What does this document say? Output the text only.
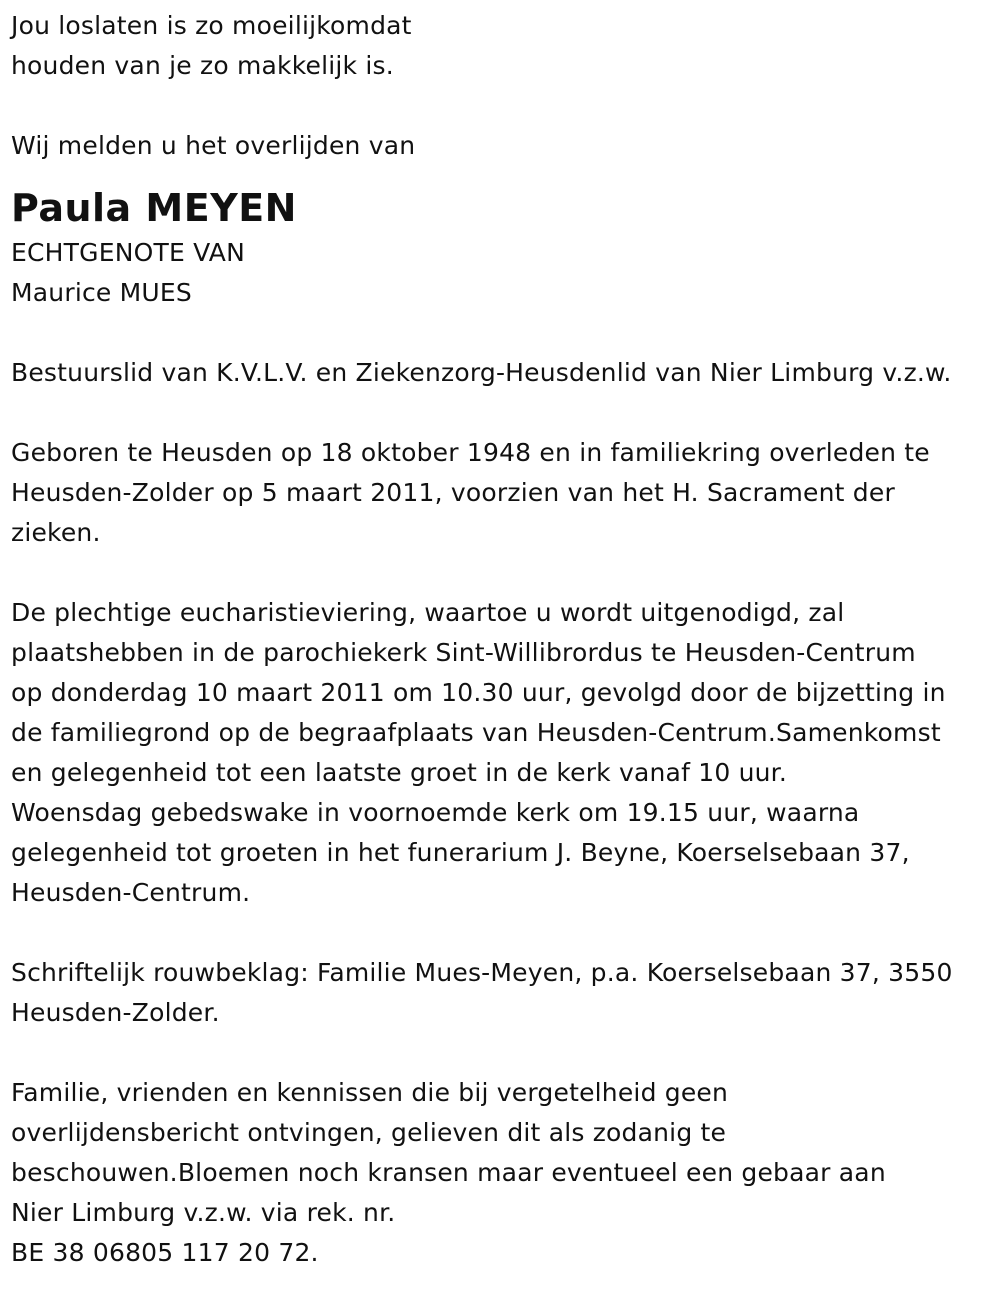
Jou loslaten is zo moeilijkomdat
houden van je zo makkelijk is.
Wij melden u het overlijden van
Paula MEYEN
ECHTGENOTE VAN
Maurice MUES
Bestuurslid van K.V.L.V. en Ziekenzorg-Heusdenlid van Nier Limburg v.z.w.
Geboren te Heusden op 18 oktober 1948 en in familiekring overleden te
Heusden-Zolder op 5 maart 2011, voorzien van het H. Sacrament der
zieken.
De plechtige eucharistieviering, waartoe u wordt uitgenodigd, zal
plaatshebben in de parochiekerk Sint-Willibrordus te Heusden-Centrum
op donderdag 10 maart 2011 om 10.30 uur, gevolgd door de bijzetting in
de familiegrond op de begraafplaats van Heusden-Centrum.Samenkomst
en gelegenheid tot een laatste groet in de kerk vanaf 10 uur.
Woensdag gebedswake in voornoemde kerk om 19.15 uur, waarna
gelegenheid tot groeten in het funerarium J. Beyne, Koerselsebaan 37,
Heusden-Centrum.
Schriftelijk rouwbeklag: Familie Mues-Meyen, p.a. Koerselsebaan 37, 3550
Heusden-Zolder.
Familie, vrienden en kennissen die bij vergetelheid geen
overlijdensbericht ontvingen, gelieven dit als zodanig te
beschouwen.Bloemen noch kransen maar eventueel een gebaar aan
Nier Limburg v.z.w. via rek. nr.
BE 38 06805 117 20 72.
